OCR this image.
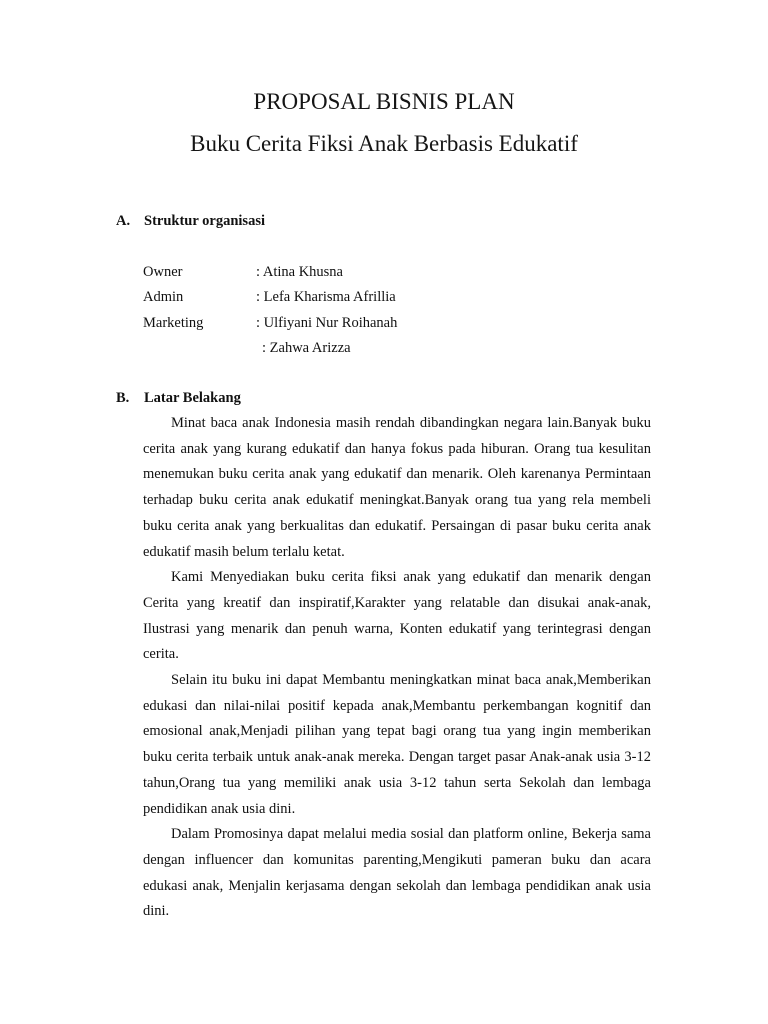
PROPOSAL BISNIS PLAN
Buku Cerita Fiksi Anak Berbasis Edukatif
A. Struktur organisasi
Owner	: Atina Khusna
Admin	: Lefa Kharisma Afrillia
Marketing	: Ulfiyani Nur Roihanah
: Zahwa Arizza
B. Latar Belakang

Minat baca anak Indonesia masih rendah dibandingkan negara lain.Banyak buku cerita anak yang kurang edukatif dan hanya fokus pada hiburan. Orang tua kesulitan menemukan buku cerita anak yang edukatif dan menarik. Oleh karenanya Permintaan terhadap buku cerita anak edukatif meningkat.Banyak orang tua yang rela membeli buku cerita anak yang berkualitas dan edukatif. Persaingan di pasar buku cerita anak edukatif masih belum terlalu ketat.

Kami Menyediakan buku cerita fiksi anak yang edukatif dan menarik dengan Cerita yang kreatif dan inspiratif,Karakter yang relatable dan disukai anak-anak, Ilustrasi yang menarik dan penuh warna, Konten edukatif yang terintegrasi dengan cerita.

Selain itu buku ini dapat Membantu meningkatkan minat baca anak,Memberikan edukasi dan nilai-nilai positif kepada anak,Membantu perkembangan kognitif dan emosional anak,Menjadi pilihan yang tepat bagi orang tua yang ingin memberikan buku cerita terbaik untuk anak-anak mereka. Dengan target pasar Anak-anak usia 3-12 tahun,Orang tua yang memiliki anak usia 3-12 tahun serta Sekolah dan lembaga pendidikan anak usia dini.

Dalam Promosinya dapat melalui media sosial dan platform online, Bekerja sama dengan influencer dan komunitas parenting,Mengikuti pameran buku dan acara edukasi anak, Menjalin kerjasama dengan sekolah dan lembaga pendidikan anak usia dini.
